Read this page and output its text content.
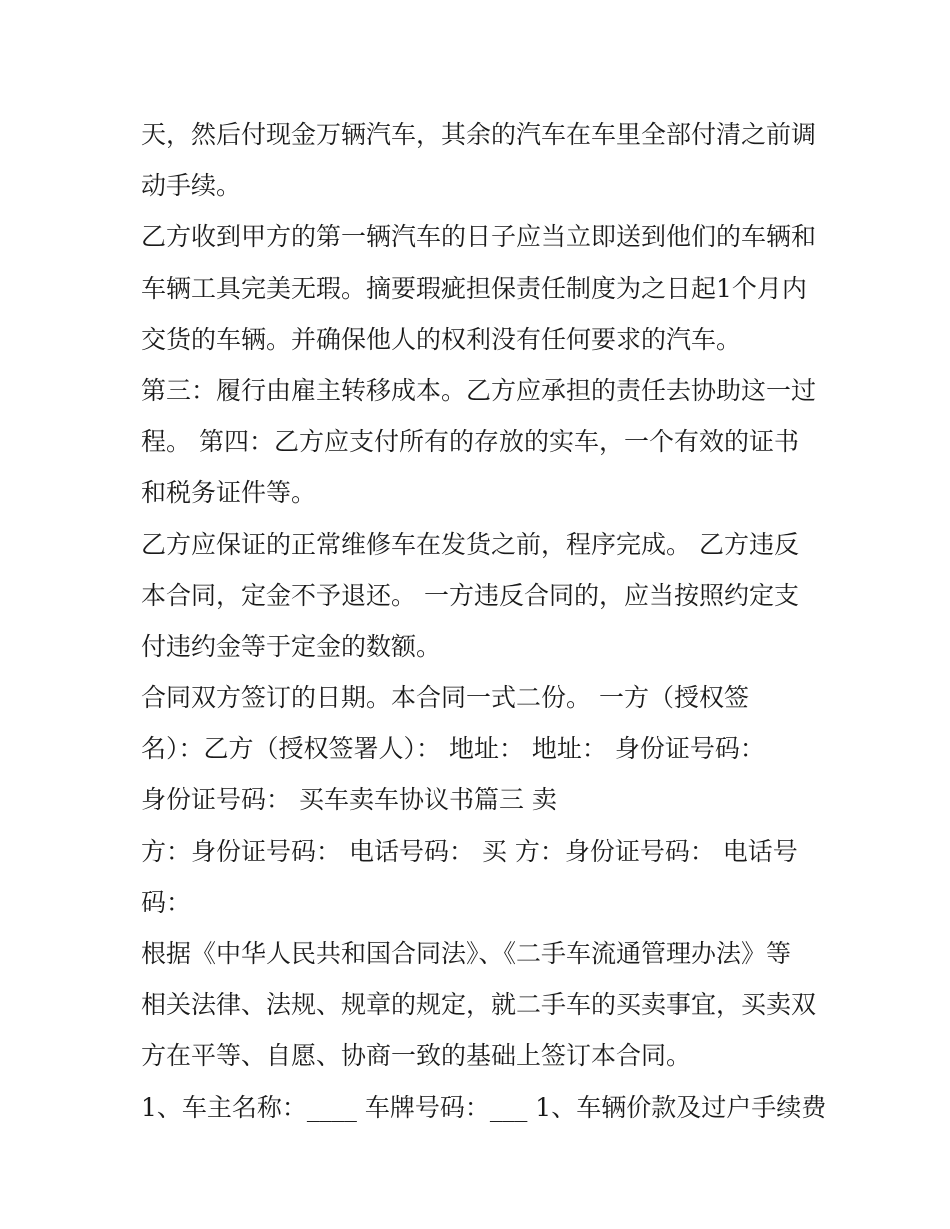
天，然后付现金万辆汽车，其余的汽车在车里全部付清之前调
动手续。
乙方收到甲方的第一辆汽车的日子应当立即送到他们的车辆和
车辆工具完美无瑕。摘要瑕疵担保责任制度为之日起1个月内
交货的车辆。并确保他人的权利没有任何要求的汽车。
第三：履行由雇主转移成本。乙方应承担的责任去协助这一过
程。 第四：乙方应支付所有的存放的实车，一个有效的证书
和税务证件等。
乙方应保证的正常维修车在发货之前，程序完成。 乙方违反
本合同，定金不予退还。 一方违反合同的，应当按照约定支
付违约金等于定金的数额。
合同双方签订的日期。本合同一式二份。 一方（授权签
名）：乙方（授权签署人）： 地址： 地址： 身份证号码：
身份证号码： 买车卖车协议书篇三 卖
方：身份证号码： 电话号码： 买 方：身份证号码： 电话号
码：
根据《中华人民共和国合同法》、《二手车流通管理办法》等
相关法律、法规、规章的规定，就二手车的买卖事宜，买卖双
方在平等、自愿、协商一致的基础上签订本合同。
1、车主名称：____ 车牌号码：___ 1、车辆价款及过户手续费
